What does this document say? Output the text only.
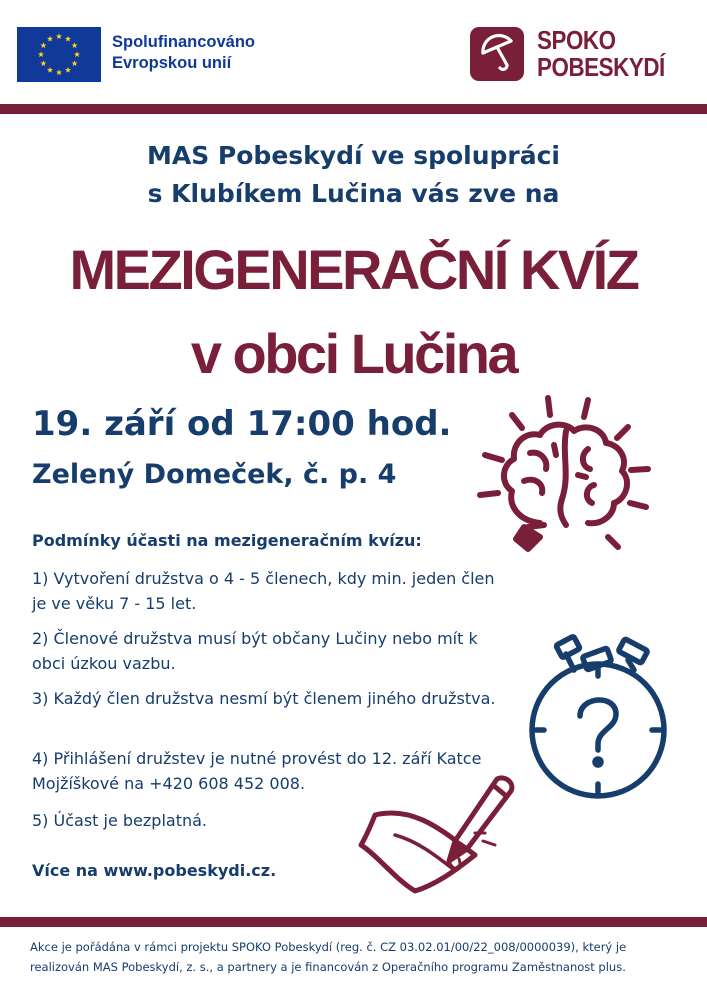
Spolufinancováno
Evropskou unií
SPOKO
POBESKYDÍ
MAS Pobeskydí ve spolupráci
s Klubíkem Lučina vás zve na
MEZIGENERAČNÍ KVÍZ
v obci Lučina
19. září od 17:00 hod.
Zelený Domeček, č. p. 4
Podmínky účasti na mezigeneračním kvízu:
1) Vytvoření družstva o 4 - 5 členech, kdy min. jeden člen je ve věku 7 - 15 let.
2) Členové družstva musí být občany Lučiny nebo mít k obci úzkou vazbu.
3) Každý člen družstva nesmí být členem jiného družstva.
4) Přihlášení družstev je nutné provést do 12. září Katce Mojžíškové na +420 608 452 008.
5) Účast je bezplatná.
Více na www.pobeskydi.cz.
Akce je pořádána v rámci projektu SPOKO Pobeskydí (reg. č. CZ 03.02.01/00/22_008/0000039), který je realizován MAS Pobeskydí, z. s., a partnery a je financován z Operačního programu Zaměstnanost plus.
